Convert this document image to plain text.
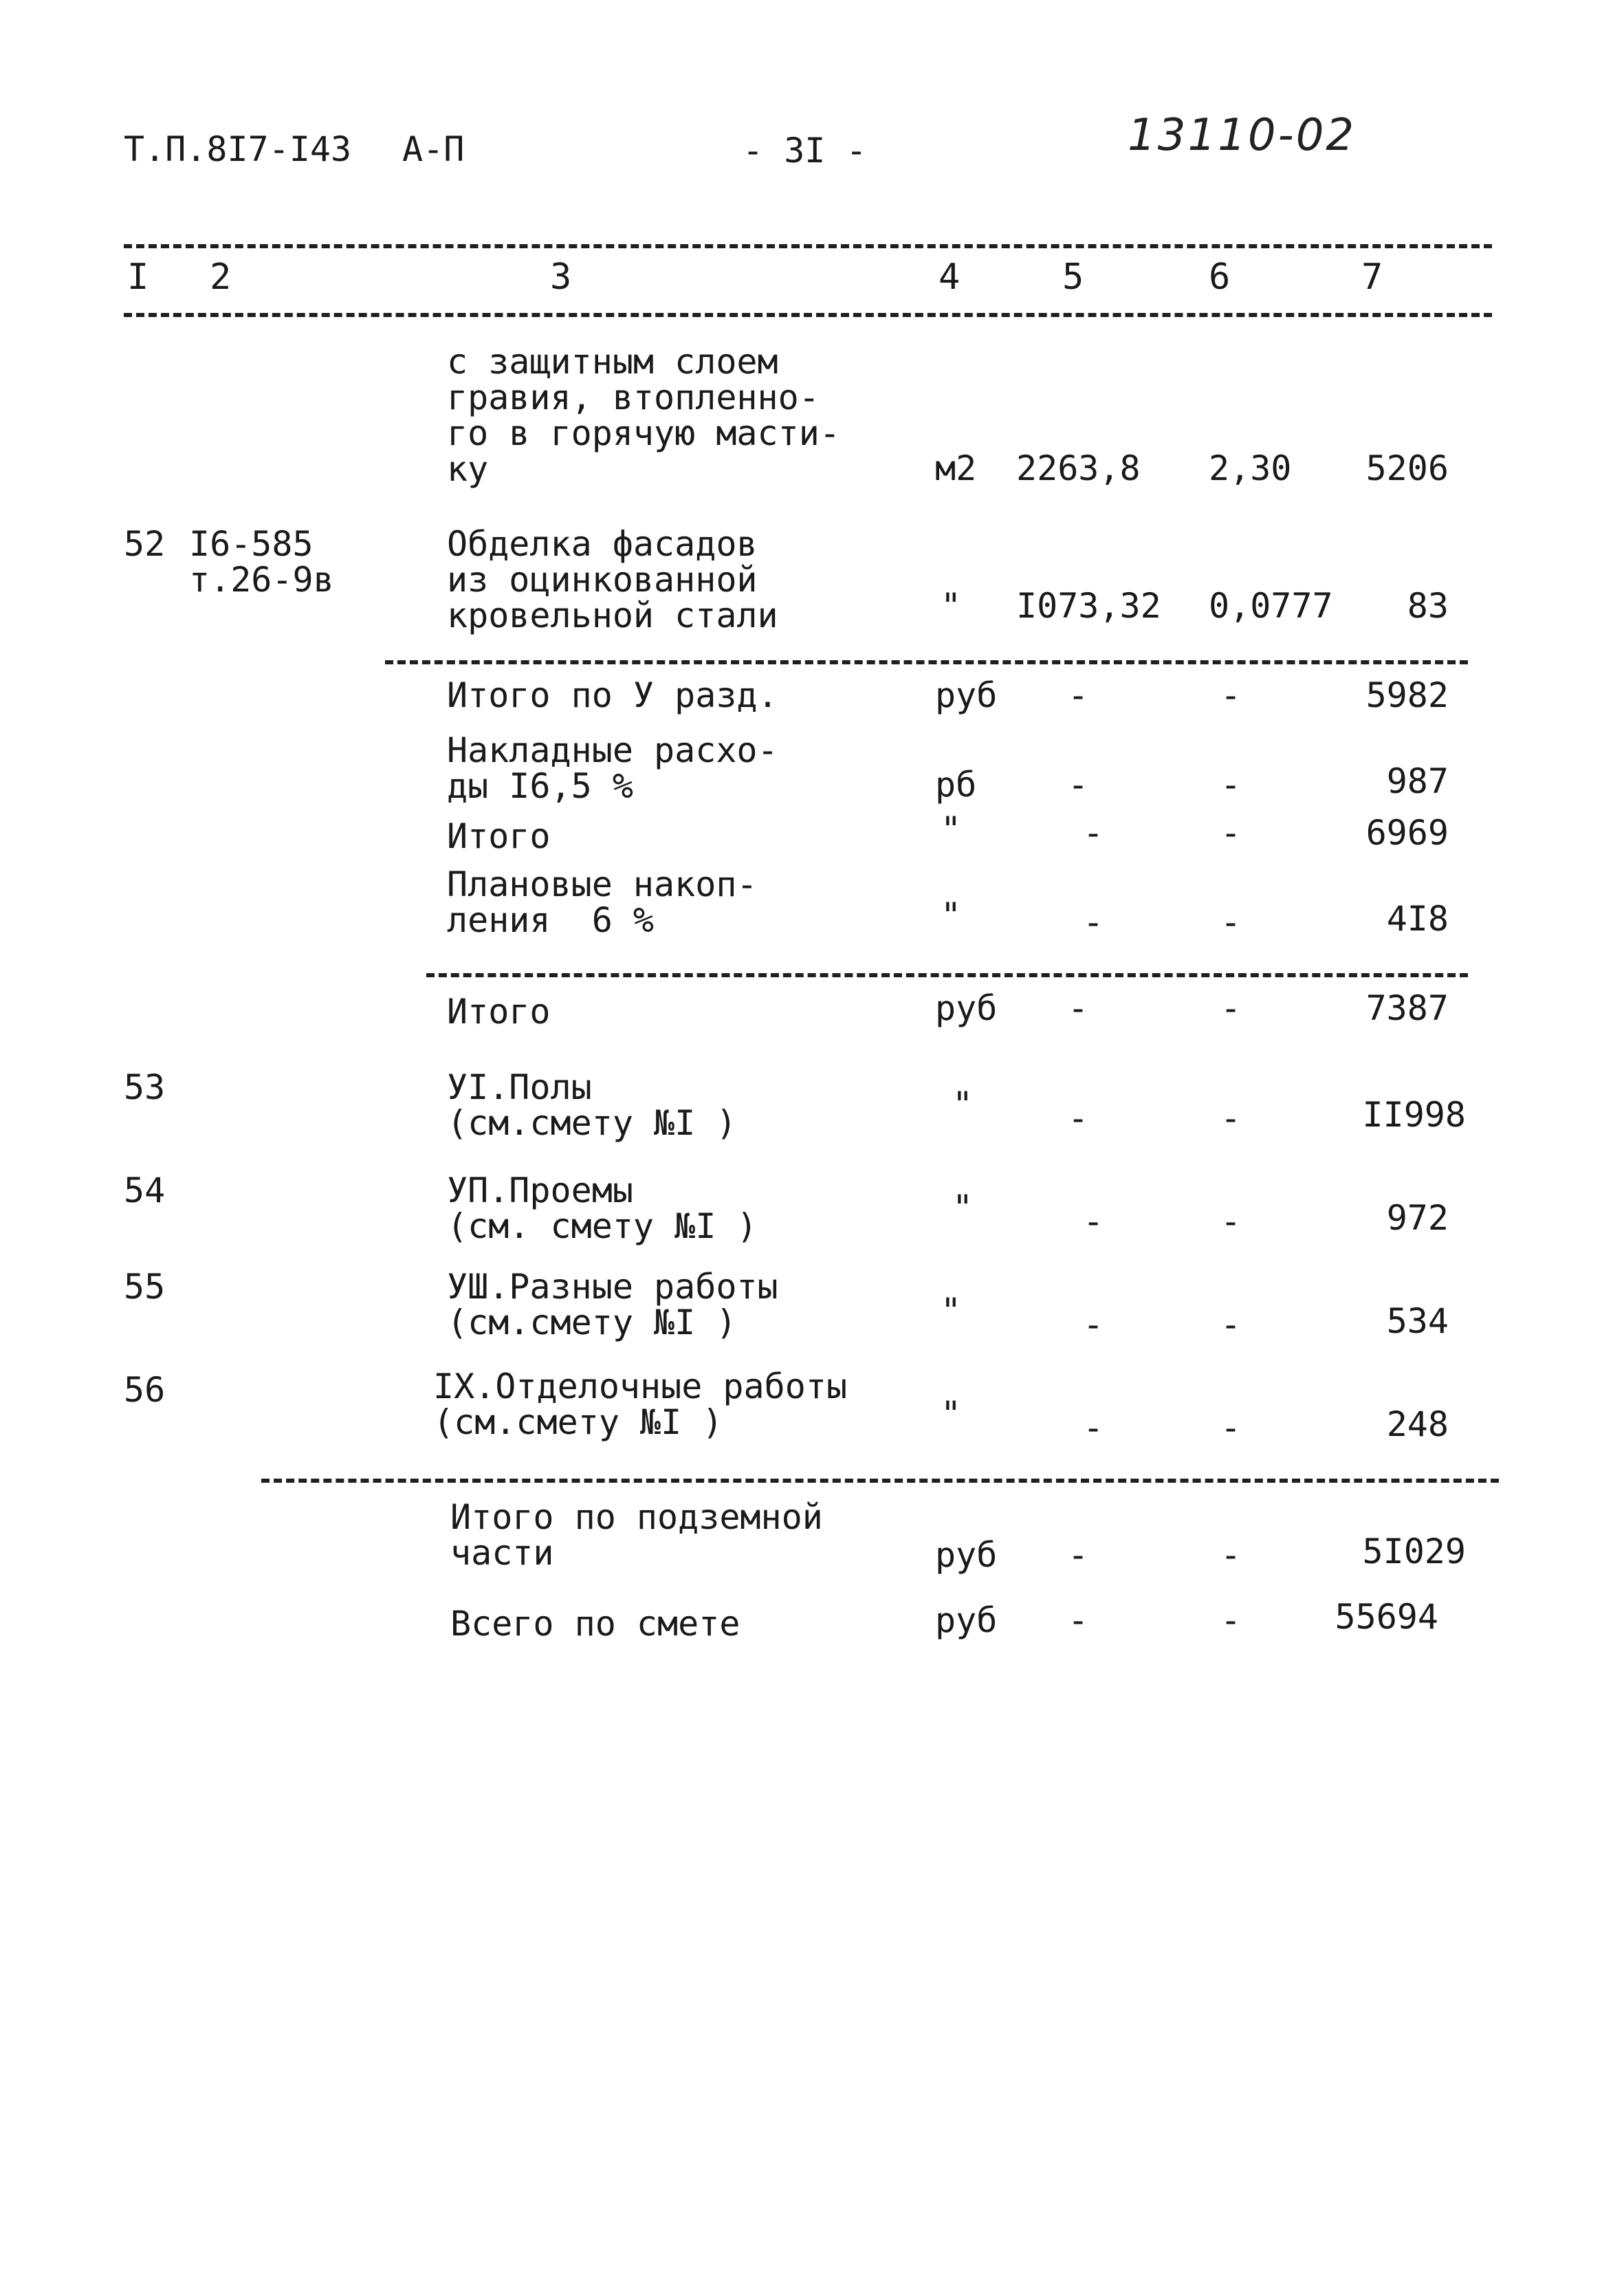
Т.П.8I7-I43 А-П	- 3I -	13110-02
I 2	3	4	5	6	7
с защитным слоем
гравия, втопленно-
го в горячую масти-
ку	м2 2263,8 2,30 5206
52 I6-585
т.26-9в
Обделка фасадов
из оцинкованной
кровельной стали	" I073,32 0,0777 83
Итого по У разд.	руб -	-	5982
Накладные расхо-
ды I6,5 %	рб	-	-	987
Итого	"	-	-	6969
Плановые накоп-
ления  6 %	"	-	-	4I8
Итого	руб -	-	7387
53	УI.Полы
(см.смету №I )	"	-	-	II998
54	УП.Проемы
(см. смету №I )	"	-	-	972
55	УШ.Разные работы
(см.смету №I )	"	-	-	534
56	IX.Отделочные работы
(см.смету №I )	"	-	-	248
Итого по подземной
части	руб -	-	5I029
Всего по смете	руб -	-	55694
